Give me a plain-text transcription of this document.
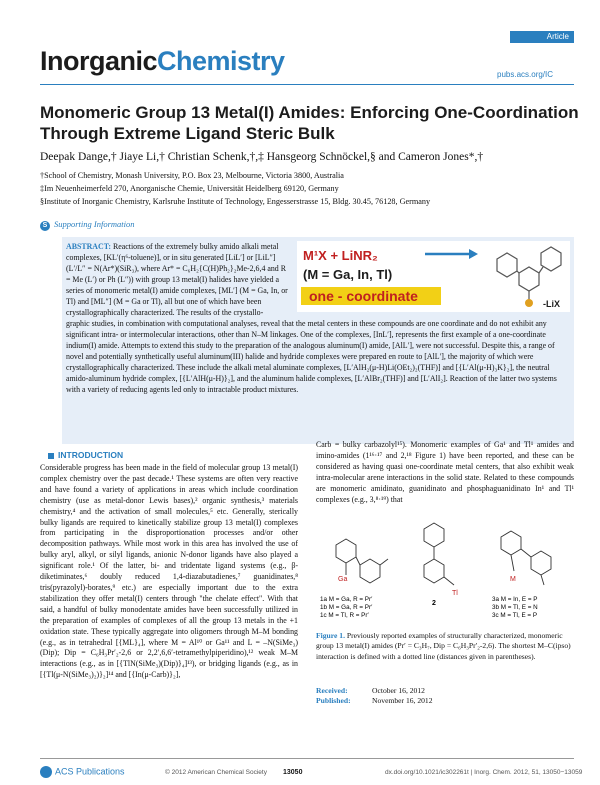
Article
InorganicChemistry	pubs.acs.org/IC
Monomeric Group 13 Metal(I) Amides: Enforcing One-Coordination Through Extreme Ligand Steric Bulk
Deepak Dange,† Jiaye Li,† Christian Schenk,†,‡ Hansgeorg Schnöckel,§ and Cameron Jones*,†
†School of Chemistry, Monash University, P.O. Box 23, Melbourne, Victoria 3800, Australia
‡Im Neuenheimerfeld 270, Anorganische Chemie, Universität Heidelberg 69120, Germany
§Institute of Inorganic Chemistry, Karlsruhe Institute of Technology, Engesserstrasse 15, Bldg. 30.45, 76128, Germany
S Supporting Information
ABSTRACT: Reactions of the extremely bulky amido alkali metal complexes, [KL′(η⁶-toluene)], or in situ generated [LiL′] or [LiL″] (L′/L″ = N(Ar*)(SiR₃), where Ar* = C₆H₂{C(H)Ph₂}₂Me-2,6,4 and R = Me (L′) or Ph (L″)) with group 13 metal(I) halides have yielded a series of monomeric metal(I) amide complexes, [ML′] (M = Ga, In, or Tl) and [ML″] (M = Ga or Tl), all but one of which have been crystallographically characterized. The results of the crystallo-
graphic studies, in combination with computational analyses, reveal that the metal centers in these compounds are one coordinate and do not exhibit any significant intra- or intermolecular interactions, other than N–M linkages. One of the complexes, [InL′], represents the first example of a one-coordinate indium(I) amide. Attempts to extend this study to the preparation of the analogous aluminum(I) amide, [AlL′], were not successful. Despite this, a range of novel and potentially synthetically useful aluminum(III) halide and hydride complexes were prepared en route to [AlL′], the majority of which were crystallographically characterized. These include the alkali metal aluminate complexes, [L′AlH₂(μ-H)Li(OEt₂)₂(THF)] and [{L′Al(μ-H)₃K}₂], the neutral amido-aluminum hydride complex, [{L′AlH(μ-H)}₂], and the aluminum halide complexes, [L′AlBr₂(THF)] and [L′AlI₂]. Reaction of the latter two systems with a variety of reducing agents led only to intractable product mixtures.
M¹X + LiNR₂
(M = Ga, In, Tl)
one - coordinate	-LiX
INTRODUCTION
Considerable progress has been made in the field of molecular group 13 metal(I) complex chemistry over the past decade.¹ These systems are often very reactive and have found a variety of applications in areas which include coordination chemistry (use as metal-donor Lewis bases),² organic synthesis,³ materials chemistry,⁴ and the activation of small molecules,⁵ etc. Generally, sterically bulky ligands are required to kinetically stabilize group 13 metal(I) complexes from participating in the disproportionation processes and/or other decomposition pathways. While most work in this area has involved the use of bulky aryl, alkyl, or silyl ligands, anionic N-donor ligands have also played a significant role.¹ Of the latter, bi- and tridentate ligand systems (e.g., β-diketiminates,⁶ doubly reduced 1,4-diazabutadienes,⁷ guanidinates,⁸ tris(pyrazolyl)-borates,⁹ etc.) are especially important due to the extra stabilization they offer metal(I) centers through "the chelate effect". With that said, a handful of bulky monodentate amides have been successfully utilized in the preparation of examples of complexes of all the group 13 metals in the +1 oxidation state. These typically aggregate into oligomers through M–M bonding (e.g., as in tetrahedral [{ML}₄], where M = Al¹⁰ or Ga¹¹ and L = –N(SiMe₃)(Dip); Dip = C₆H₃Pr′₂-2,6 or 2,2′,6,6′-tetramethylpiperidino),¹² weak M–M interactions (e.g., as in [{TlN(SiMe₃)(Dip)}₄]¹³), or bridging ligands (e.g., as in [{Tl(μ-N(SiMe₃)₂)}₂]¹⁴ and [{In(μ-Carb)}₂],
Carb = bulky carbazolyl¹⁵). Monomeric examples of Ga¹ and Tl¹ amides and imino-amides (1¹⁶·¹⁷ and 2,¹⁸ Figure 1) have been reported, and these can be considered as having quasi one-coordinate metal centers, that also exhibit weak intra-molecular arene interactions in the solid state. Related to these compounds are monomeric amidinato, guanidinato and phosphaguanidinato In¹ and Tl¹ complexes (e.g., 3,⁸·¹⁹) that
Ga
Tl
M
1a M = Ga, R = Pr′
1b M = Ga, R = Pr′
1c M = Tl, R = Pr′
2
3a M = In, E = P
3b M = Tl, E = N
3c M = Tl, E = P
Figure 1. Previously reported examples of structurally characterized, monomeric group 13 metal(I) amides (Pr′ = C₃H₇, Dip = C₆H₃Pr′₂-2,6). The shortest M–C(ipso) interaction is defined with a dotted line (distances given in parentheses).
Received:	October 16, 2012
Published:	November 16, 2012
ACS Publications	© 2012 American Chemical Society 13050	dx.doi.org/10.1021/ic302261t | Inorg. Chem. 2012, 51, 13050−13059
